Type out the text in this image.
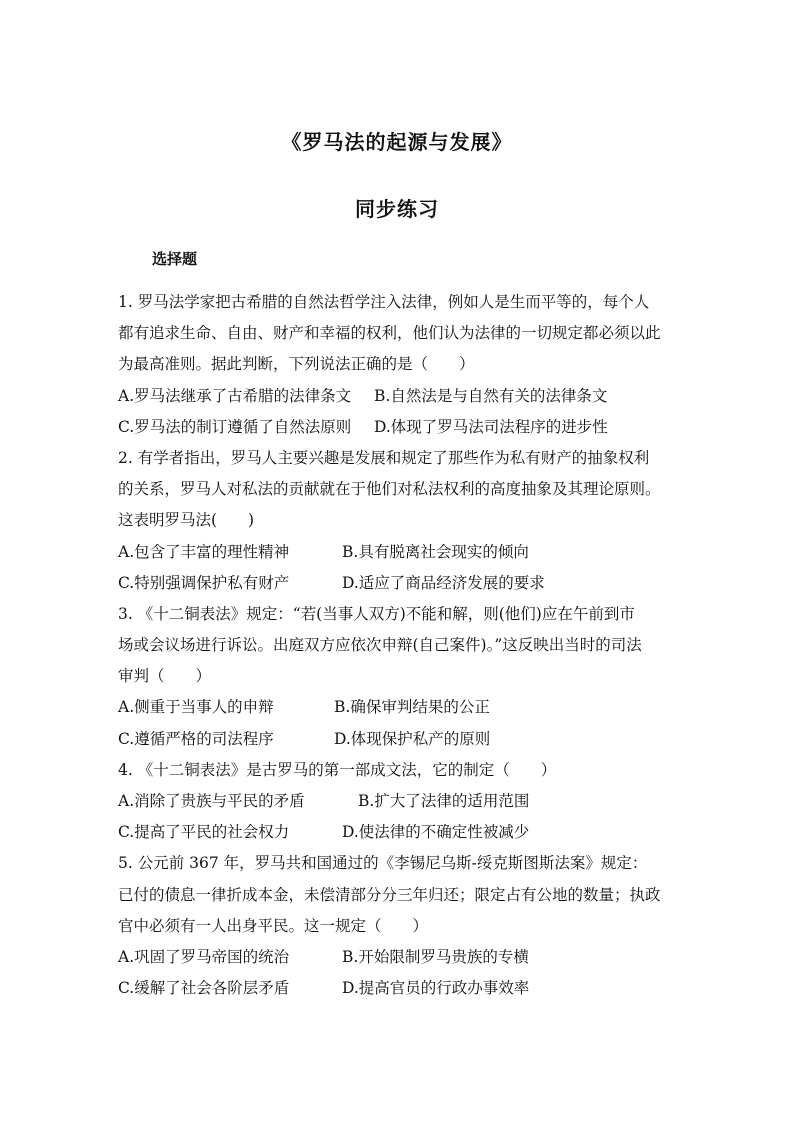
《罗马法的起源与发展》
同步练习
选择题
1. 罗马法学家把古希腊的自然法哲学注入法律，例如人是生而平等的，每个人
都有追求生命、自由、财产和幸福的权利，他们认为法律的一切规定都必须以此
为最高准则。据此判断，下列说法正确的是（　　）
A.罗马法继承了古希腊的法律条文 B.自然法是与自然有关的法律条文
C.罗马法的制订遵循了自然法原则 D.体现了罗马法司法程序的进步性
2. 有学者指出，罗马人主要兴趣是发展和规定了那些作为私有财产的抽象权利
的关系，罗马人对私法的贡献就在于他们对私法权利的高度抽象及其理论原则。
这表明罗马法(　　)
A.包含了丰富的理性精神	B.具有脱离社会现实的倾向
C.特别强调保护私有财产	D.适应了商品经济发展的要求
3. 《十二铜表法》规定：“若(当事人双方)不能和解，则(他们)应在午前到市
场或会议场进行诉讼。出庭双方应依次申辩(自己案件)。”这反映出当时的司法
审判（　　）
A.侧重于当事人的申辩	B.确保审判结果的公正
C.遵循严格的司法程序	D.体现保护私产的原则
4. 《十二铜表法》是古罗马的第一部成文法，它的制定（　　）
A.消除了贵族与平民的矛盾	B.扩大了法律的适用范围
C.提高了平民的社会权力	D.使法律的不确定性被减少
5. 公元前 367 年，罗马共和国通过的《李锡尼乌斯-绥克斯图斯法案》规定：
已付的债息一律折成本金，未偿清部分分三年归还；限定占有公地的数量；执政
官中必须有一人出身平民。这一规定（　　）
A.巩固了罗马帝国的统治	B.开始限制罗马贵族的专横
C.缓解了社会各阶层矛盾	D.提高官员的行政办事效率
